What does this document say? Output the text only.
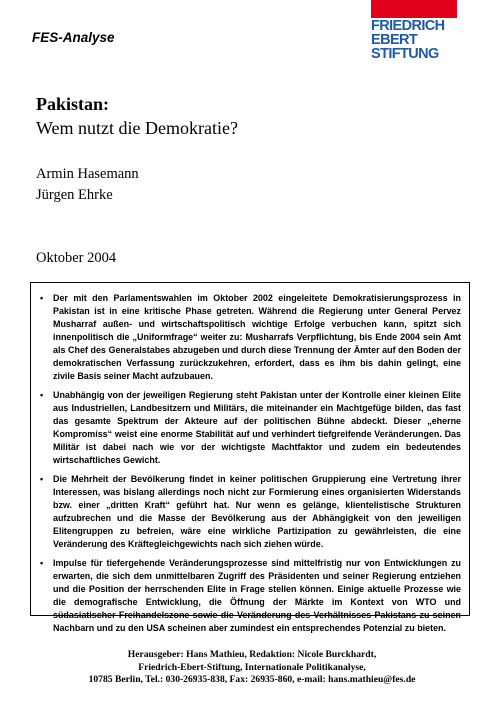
FES-Analyse
FRIEDRICH
EBERT
STIFTUNG
Pakistan:
Wem nutzt die Demokratie?
Armin Hasemann
Jürgen Ehrke
Oktober 2004
• Der mit den Parlamentswahlen im Oktober 2002 eingeleitete Demokratisierungsprozess in Pakistan ist in eine kritische Phase getreten. Während die Regierung unter General Pervez Musharraf außen- und wirtschaftspolitisch wichtige Erfolge verbuchen kann, spitzt sich innenpolitisch die „Uniformfrage“ weiter zu: Musharrafs Verpflichtung, bis Ende 2004 sein Amt als Chef des Generalstabes abzugeben und durch diese Trennung der Ämter auf den Boden der demokratischen Verfassung zurückzukehren, erfordert, dass es ihm bis dahin gelingt, eine zivile Basis seiner Macht aufzubauen.
• Unabhängig von der jeweiligen Regierung steht Pakistan unter der Kontrolle einer kleinen Elite aus Industriellen, Landbesitzern und Militärs, die miteinander ein Machtgefüge bilden, das fast das gesamte Spektrum der Akteure auf der politischen Bühne abdeckt. Dieser „eherne Kompromiss“ weist eine enorme Stabilität auf und verhindert tiefgreifende Veränderungen. Das Militär ist dabei nach wie vor der wichtigste Machtfaktor und zudem ein bedeutendes wirtschaftliches Gewicht.
• Die Mehrheit der Bevölkerung findet in keiner politischen Gruppierung eine Vertretung ihrer Interessen, was bislang allerdings noch nicht zur Formierung eines organisierten Widerstands bzw. einer „dritten Kraft“ geführt hat. Nur wenn es gelänge, klientelistische Strukturen aufzubrechen und die Masse der Bevölkerung aus der Abhängigkeit von den jeweiligen Elitengruppen zu befreien, wäre eine wirkliche Partizipation zu gewährleisten, die eine Veränderung des Kräftegleichgewichts nach sich ziehen würde.
• Impulse für tiefergehende Veränderungsprozesse sind mittelfristig nur von Entwicklungen zu erwarten, die sich dem unmittelbaren Zugriff des Präsidenten und seiner Regierung entziehen und die Position der herrschenden Elite in Frage stellen können. Einige aktuelle Prozesse wie die demografische Entwicklung, die Öffnung der Märkte im Kontext von WTO und südasiatischer Freihandelszone sowie die Veränderung des Verhältnisses Pakistans zu seinen Nachbarn und zu den USA scheinen aber zumindest ein entsprechendes Potenzial zu bieten.
Herausgeber: Hans Mathieu, Redaktion: Nicole Burckhardt,
Friedrich-Ebert-Stiftung, Internationale Politikanalyse,
10785 Berlin, Tel.: 030-26935-838, Fax: 26935-860, e-mail: hans.mathieu@fes.de
